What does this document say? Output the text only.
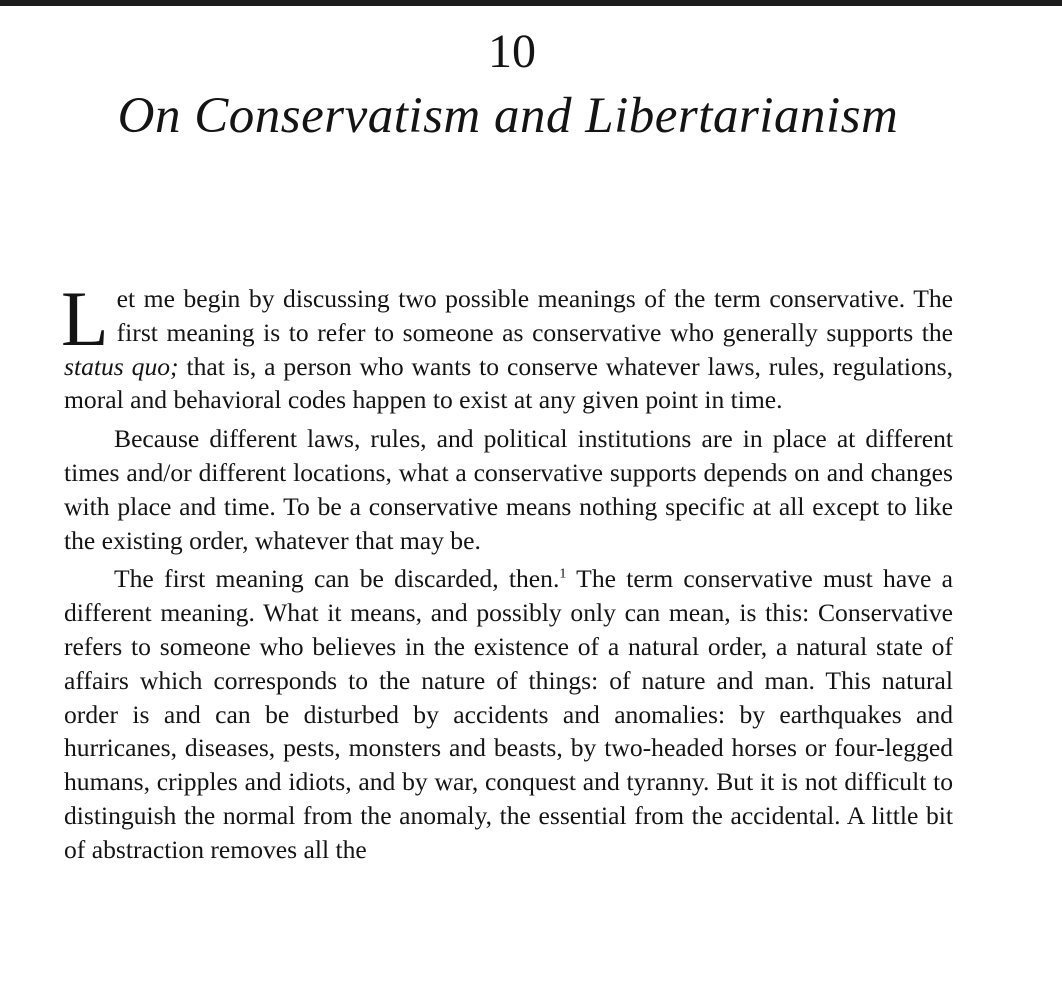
10
On Conservatism and Libertarianism

Let me begin by discussing two possible meanings of the term conservative. The first meaning is to refer to someone as conservative who generally supports the status quo; that is, a person who wants to conserve whatever laws, rules, regulations, moral and behavioral codes happen to exist at any given point in time.

Because different laws, rules, and political institutions are in place at different times and/or different locations, what a conservative supports depends on and changes with place and time. To be a conservative means nothing specific at all except to like the existing order, whatever that may be.

The first meaning can be discarded, then.$^1$ The term conservative must have a different meaning. What it means, and possibly only can mean, is this: Conservative refers to someone who believes in the existence of a natural order, a natural state of affairs which corresponds to the nature of things: of nature and man. This natural order is and can be disturbed by accidents and anomalies: by earthquakes and hurricanes, diseases, pests, monsters and beasts, by two-headed horses or four-legged humans, cripples and idiots, and by war, conquest and tyranny. But it is not difficult to distinguish the normal from the anomaly, the essential from the accidental. A little bit of abstraction removes all the
